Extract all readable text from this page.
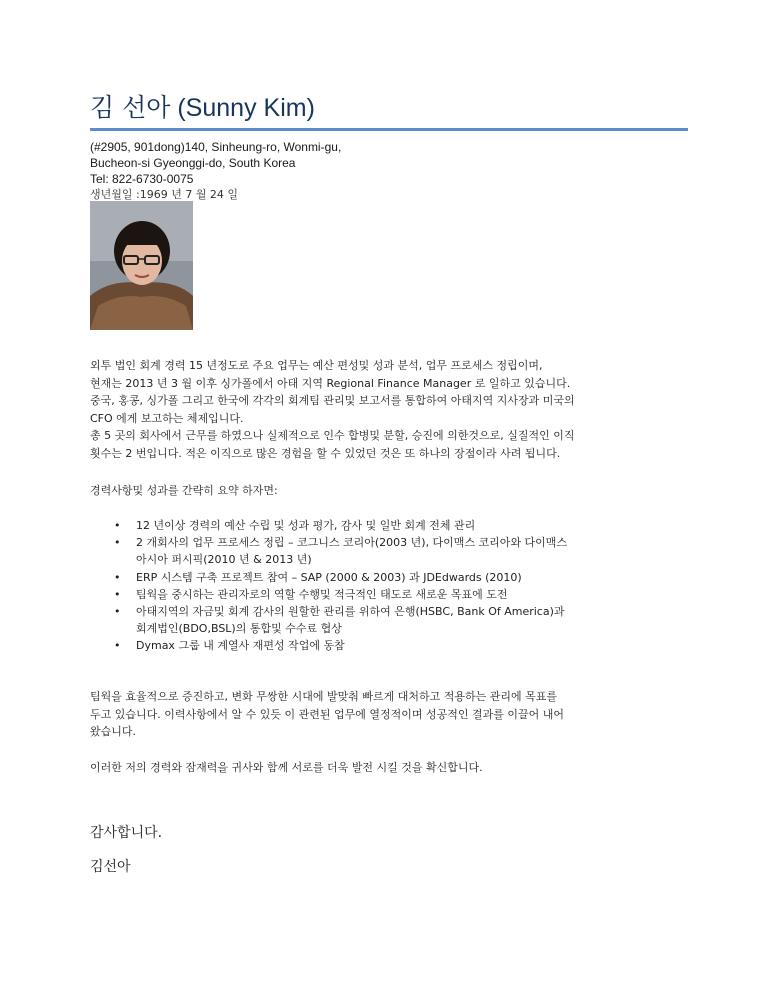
김 선아 (Sunny Kim)
(#2905, 901dong)140, Sinheung-ro, Wonmi-gu,
Bucheon-si Gyeonggi-do, South Korea
Tel: 822-6730-0075
생년월일 :1969 년 7 월 24 일
외투 법인 회계 경력 15 년정도로 주요 업무는 예산 편성및 성과 분석, 업무 프로세스 정립이며,
현재는 2013 년 3 월 이후 싱가폴에서 아태 지역 Regional Finance Manager 로 일하고 있습니다.
중국, 홍콩, 싱가폴 그리고 한국에 각각의 회계팀 관리및 보고서를 통합하여 아태지역 지사장과 미국의
CFO 에게 보고하는 체제입니다.
총 5 곳의 회사에서 근무를 하였으나 실제적으로 인수 합병및 분할, 승진에 의한것으로, 실질적인 이직
횟수는 2 번입니다. 적은 이직으로 많은 경험을 할 수 있었던 것은 또 하나의 장점이라 사려 됩니다.
경력사항및 성과를 간략히 요약 하자면:
• 12 년이상 경력의 예산 수립 및 성과 평가, 감사 및 일반 회계 전체 관리
• 2 개회사의 업무 프로세스 정립 – 코그니스 코리아(2003 년), 다이맥스 코리아와 다이맥스
아시아 퍼시픽(2010 년 & 2013 년)
• ERP 시스템 구축 프로젝트 참여 – SAP (2000 & 2003) 과 JDEdwards (2010)
• 팀웍을 중시하는 관리자로의 역할 수행및 적극적인 태도로 새로운 목표에 도전
• 아태지역의 자금및 회계 감사의 원할한 관리를 위하여 은행(HSBC, Bank Of America)과
회계법인(BDO,BSL)의 통합및 수수료 협상
• Dymax 그룹 내 계열사 재편성 작업에 동참
팀웍을 효율적으로 증진하고, 변화 무쌍한 시대에 발맞춰 빠르게 대처하고 적용하는 관리에 목표를
두고 있습니다. 이력사항에서 알 수 있듯 이 관련된 업무에 열정적이며 성공적인 결과를 이끌어 내어
왔습니다.
이러한 저의 경력와 잠재력을 귀사와 함께 서로를 더욱 발전 시킬 것을 확신합니다.
감사합니다.
김선아
